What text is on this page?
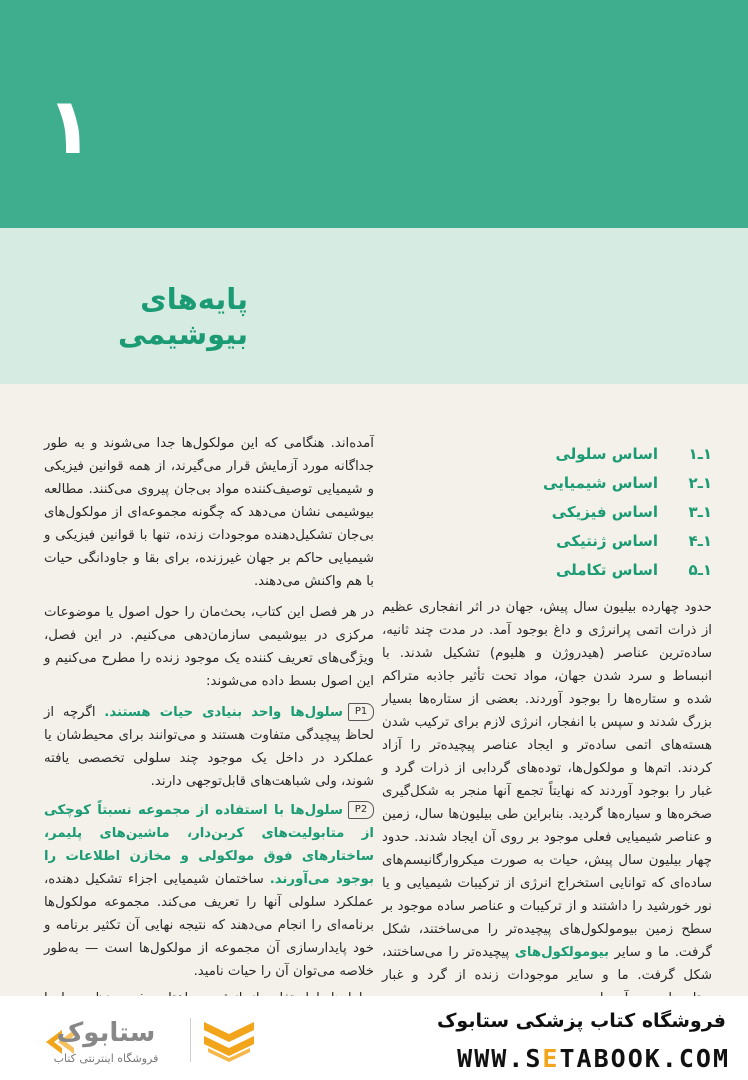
۱
پایه‌های بیوشیمی
۱ـ۱اساس سلولی
۱ـ۲اساس شیمیایی
۱ـ۳اساس فیزیکی
۱ـ۴اساس ژنتیکی
۱ـ۵اساس تکاملی

آمده‌اند. هنگامی که این مولکول‌ها جدا می‌شوند و به طور جداگانه مورد آزمایش قرار می‌گیرند، از همه قوانین فیزیکی و شیمیایی توصیف‌کننده مواد بی‌جان پیروی می‌کنند. مطالعه بیوشیمی نشان می‌دهد که چگونه مجموعه‌ای از مولکول‌های بی‌جان تشکیل‌دهنده موجودات زنده، تنها با قوانین فیزیکی و شیمیایی حاکم بر جهان غیرزنده، برای بقا و جاودانگی حیات با هم واکنش می‌دهند.

در هر فصل این کتاب، بحث‌مان را حول اصول یا موضوعات مرکزی در بیوشیمی سازمان‌دهی می‌کنیم. در این فصل، ویژگی‌های تعریف کننده یک موجود زنده را مطرح می‌کنیم و این اصول بسط داده می‌شوند:

P1سلول‌ها واحد بنیادی حیات هستند. اگرچه از لحاظ پیچیدگی متفاوت هستند و می‌توانند برای محیط‌شان یا عملکرد در داخل یک موجود چند سلولی تخصصی یافته شوند، ولی شباهت‌های قابل‌توجهی دارند.
P2سلول‌ها با استفاده از مجموعه نسبتاً کوچکی از متابولیت‌های کربن‌دار، ماشین‌های پلیمر، ساختارهای فوق مولکولی و مخازن اطلاعات را بوجود می‌آورند. ساختمان شیمیایی اجزاء تشکیل دهنده، عملکرد سلولی آنها را تعریف می‌کند. مجموعه مولکول‌ها برنامه‌ای را انجام می‌دهند که نتیجه نهایی آن تکثیر برنامه و خود پایدارسازی آن مجموعه از مولکول‌ها است — به‌طور خلاصه می‌توان آن را حیات نامید.

حدود چهارده بیلیون سال پیش، جهان در اثر انفجاری عظیم از ذرات اتمی پرانرژی و داغ بوجود آمد. در مدت چند ثانیه، ساده‌ترین عناصر (هیدروژن و هلیوم) تشکیل شدند. با انبساط و سرد شدن جهان، مواد تحت تأثیر جاذبه متراکم شده و ستاره‌ها را بوجود آوردند. بعضی از ستاره‌ها بسیار بزرگ شدند و سپس با انفجار، انرژی لازم برای ترکیب شدن هسته‌های اتمی ساده‌تر و ایجاد عناصر پیچیده‌تر را آزاد کردند. اتم‌ها و مولکول‌ها، توده‌های گردابی از ذرات گرد و غبار را بوجود آوردند که نهایتاً تجمع آنها منجر به شکل‌گیری صخره‌ها و سیاره‌ها گردید. بنابراین طی بیلیون‌ها سال، زمین و عناصر شیمیایی فعلی موجود بر روی آن ایجاد شدند. حدود چهار بیلیون سال پیش، حیات به صورت میکروارگانیسم‌های ساده‌ای که توانایی استخراج انرژی از ترکیبات شیمیایی و یا نور خورشید را داشتند و از ترکیبات و عناصر ساده موجود بر سطح زمین بیومولکول‌های پیچیده‌تر را می‌ساختند، شکل گرفت. ما و سایر بیومولکول‌های پیچیده‌تر را می‌ساختند، شکل گرفت. ما و سایر موجودات زنده از گرد و غبار

ستابوک
فروشگاه اینترنتی کتاب
فروشگاه کتاب پزشکی ستابوک
WWW.SETABOOK.COM
